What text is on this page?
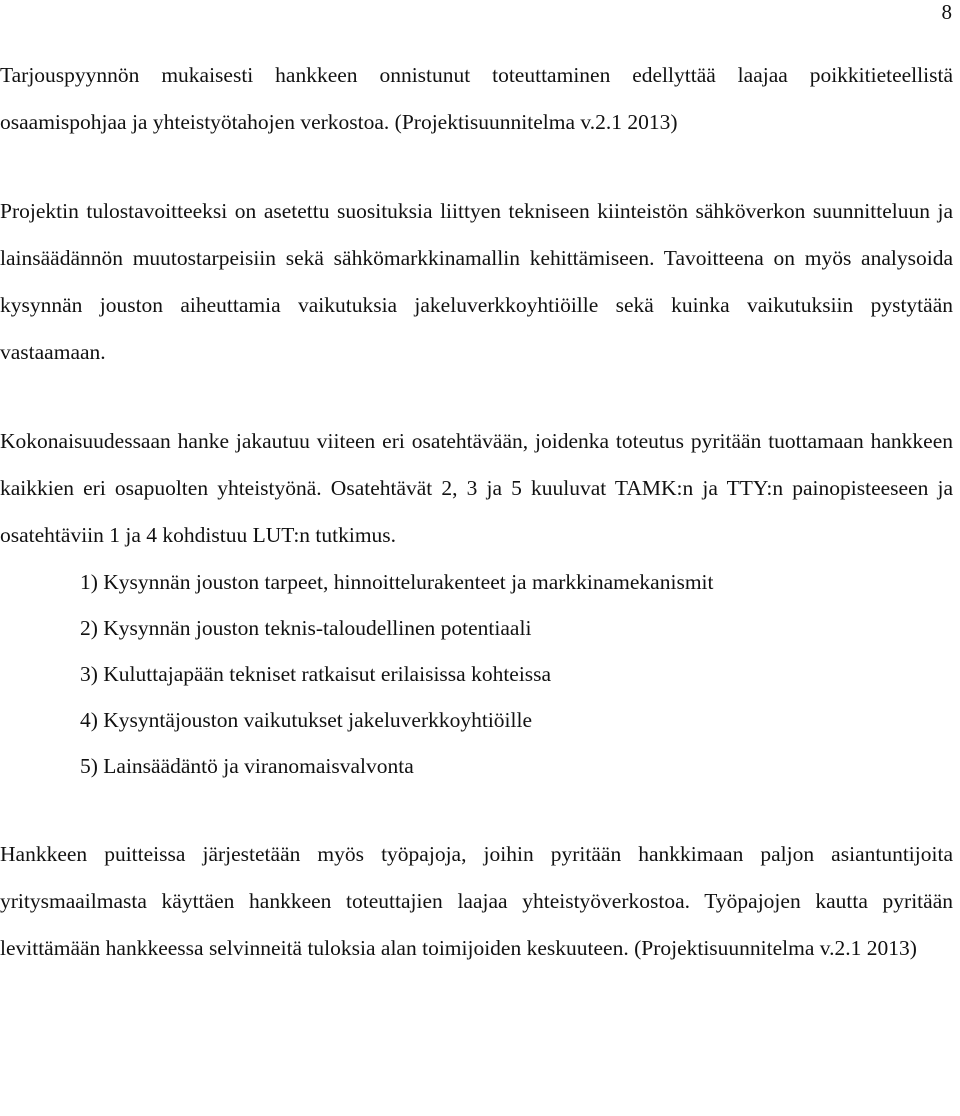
8

Tarjouspyynnön mukaisesti hankkeen onnistunut toteuttaminen edellyttää laajaa poikkitieteellistä osaamispohjaa ja yhteistyötahojen verkostoa. (Projektisuunnitelma v.2.1 2013)

Projektin tulostavoitteeksi on asetettu suosituksia liittyen tekniseen kiinteistön sähköverkon suunnitteluun ja lainsäädännön muutostarpeisiin sekä sähkömarkkinamallin kehittämiseen. Tavoitteena on myös analysoida kysynnän jouston aiheuttamia vaikutuksia jakeluverkkoyhtiöille sekä kuinka vaikutuksiin pystytään vastaamaan.

Kokonaisuudessaan hanke jakautuu viiteen eri osatehtävään, joidenka toteutus pyritään tuottamaan hankkeen kaikkien eri osapuolten yhteistyönä. Osatehtävät 2, 3 ja 5 kuuluvat TAMK:n ja TTY:n painopisteeseen ja osatehtäviin 1 ja 4 kohdistuu LUT:n tutkimus.

1) Kysynnän jouston tarpeet, hinnoittelurakenteet ja markkinamekanismit
2) Kysynnän jouston teknis-taloudellinen potentiaali
3) Kuluttajapään tekniset ratkaisut erilaisissa kohteissa
4) Kysyntäjouston vaikutukset jakeluverkkoyhtiöille
5) Lainsäädäntö ja viranomaisvalvonta

Hankkeen puitteissa järjestetään myös työpajoja, joihin pyritään hankkimaan paljon asiantuntijoita yritysmaailmasta käyttäen hankkeen toteuttajien laajaa yhteistyöverkostoa. Työpajojen kautta pyritään levittämään hankkeessa selvinneitä tuloksia alan toimijoiden keskuuteen. (Projektisuunnitelma v.2.1 2013)
